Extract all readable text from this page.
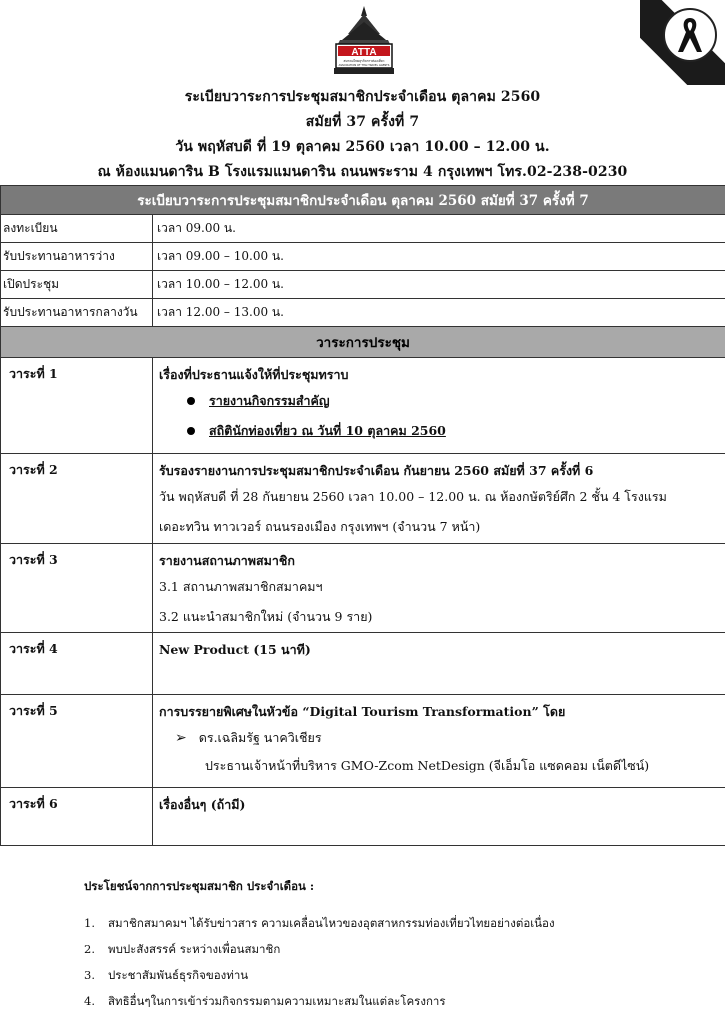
ATTA
สมาคมไทยธุรกิจการท่องเที่ยว
ASSOCIATION OF THAI TRAVEL AGENTS
ระเบียบวาระการประชุมสมาชิกประจำเดือน ตุลาคม 2560
สมัยที่ 37 ครั้งที่ 7
วัน พฤหัสบดี ที่ 19 ตุลาคม 2560 เวลา 10.00 – 12.00 น.
ณ ห้องแมนดาริน B โรงแรมแมนดาริน ถนนพระราม 4 กรุงเทพฯ โทร.02-238-0230
ระเบียบวาระการประชุมสมาชิกประจำเดือน ตุลาคม 2560 สมัยที่ 37 ครั้งที่ 7	
ลงทะเบียน	เวลา 09.00 น.
รับประทานอาหารว่าง	เวลา 09.00 – 10.00 น.
เปิดประชุม	เวลา 10.00 – 12.00 น.
รับประทานอาหารกลางวัน	เวลา 12.00 – 13.00 น.
วาระการประชุม	
วาระที่ 1	เรื่องที่ประธานแจ้งให้ที่ประชุมทราบ
รายงานกิจกรรมสำคัญ
สถิตินักท่องเที่ยว ณ วันที่ 10 ตุลาคม 2560

วาระที่ 2	รับรองรายงานการประชุมสมาชิกประจำเดือน กันยายน 2560 สมัยที่ 37 ครั้งที่ 6
วัน พฤหัสบดี ที่ 28 กันยายน 2560 เวลา 10.00 – 12.00 น. ณ ห้องกษัตริย์ศึก 2 ชั้น 4 โรงแรม
เดอะทวิน ทาวเวอร์ ถนนรองเมือง กรุงเทพฯ (จำนวน 7 หน้า)

วาระที่ 3	รายงานสถานภาพสมาชิก
3.1 สถานภาพสมาชิกสมาคมฯ
3.2 แนะนำสมาชิกใหม่ (จำนวน 9 ราย)

วาระที่ 4	New Product (15 นาที)

วาระที่ 5	การบรรยายพิเศษในหัวข้อ “Digital Tourism Transformation” โดย
➢ ดร.เฉลิมรัฐ นาควิเชียร
ประธานเจ้าหน้าที่บริหาร GMO-Zcom NetDesign (จีเอ็มโอ แซดคอม เน็ตดีไซน์)

วาระที่ 6	เรื่องอื่นๆ (ถ้ามี)
ประโยชน์จากการประชุมสมาชิก ประจำเดือน :
1.	สมาชิกสมาคมฯ ได้รับข่าวสาร ความเคลื่อนไหวของอุตสาหกรรมท่องเที่ยวไทยอย่างต่อเนื่อง
2.	พบปะสังสรรค์ ระหว่างเพื่อนสมาชิก
3.	ประชาสัมพันธ์ธุรกิจของท่าน
4.	สิทธิอื่นๆในการเข้าร่วมกิจกรรมตามความเหมาะสมในแต่ละโครงการ
